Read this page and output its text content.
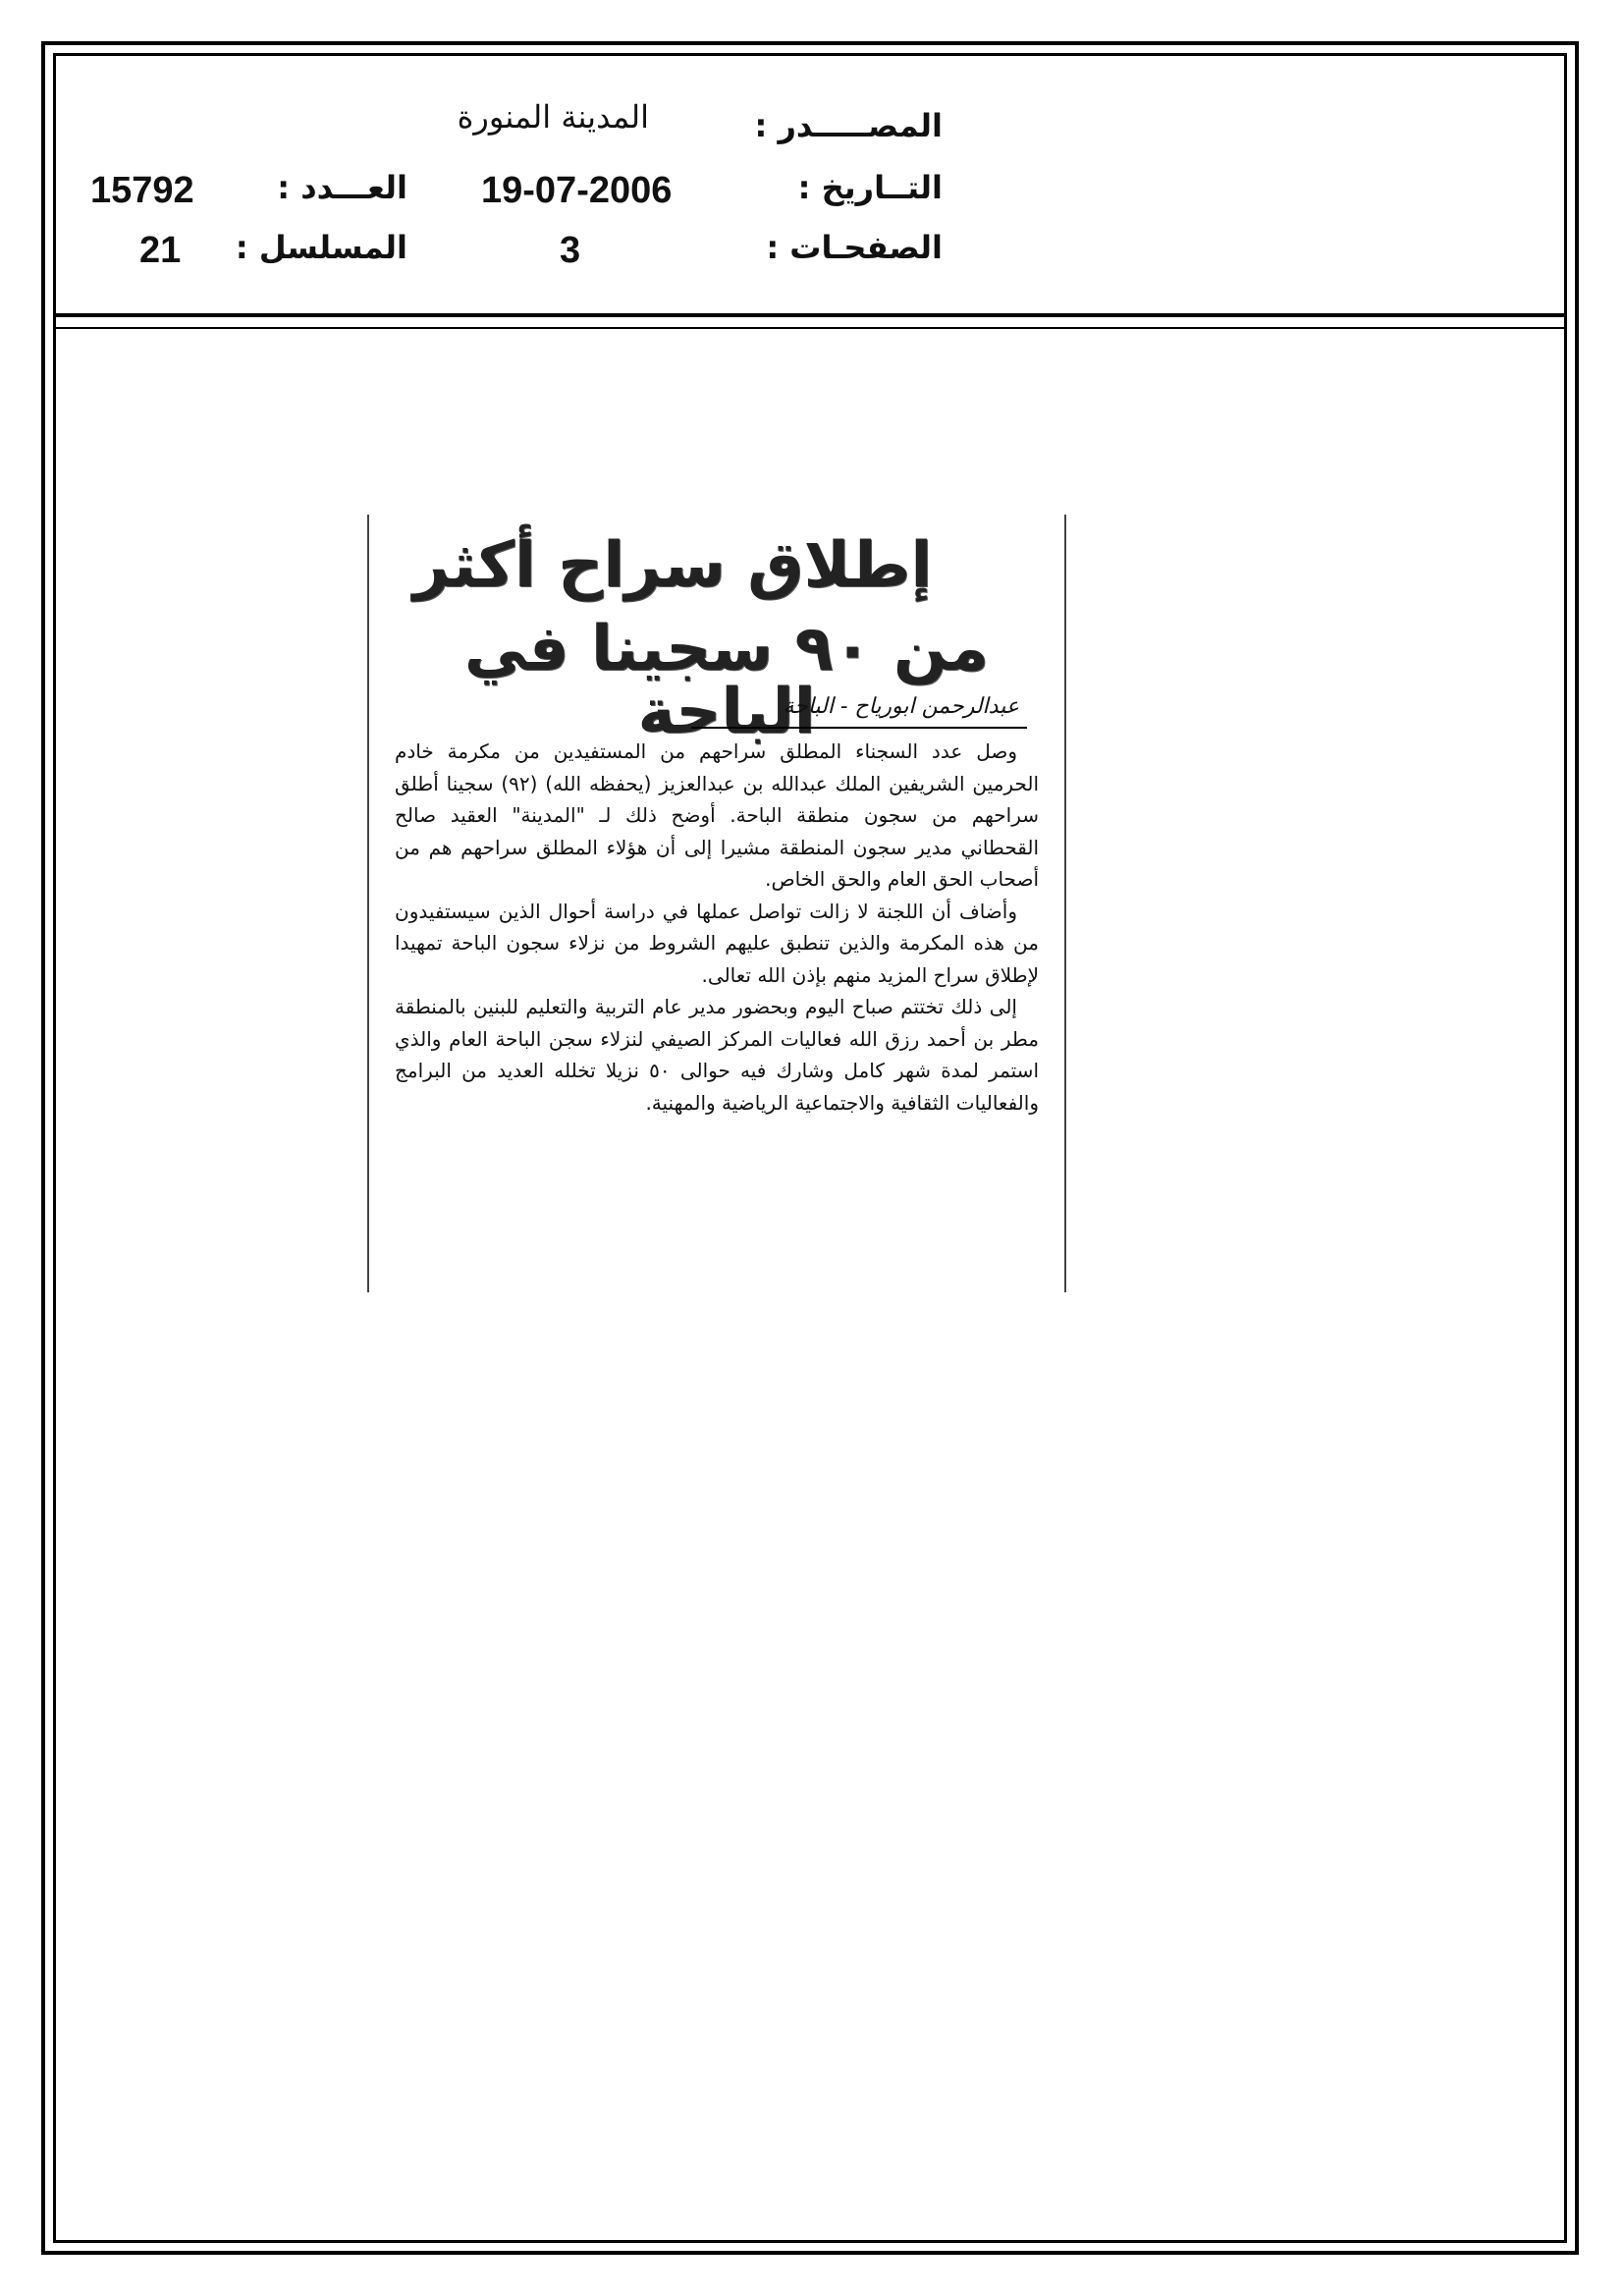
المصـــــدر :
المدينة المنورة
التــاريخ :
19-07-2006
العـــدد :
15792
الصفحـات :
3
المسلسل :
21
إطلاق سراح أكثر
من ٩٠ سجينا في الباحة
عبدالرحمن ابورياح - الباحة

وصل عدد السجناء المطلق سراحهم من المستفيدين من مكرمة خادم الحرمين الشريفين الملك عبدالله بن عبدالعزيز (يحفظه الله) (٩٢) سجينا أطلق سراحهم من سجون منطقة الباحة. أوضح ذلك لـ "المدينة" العقيد صالح القحطاني مدير سجون المنطقة مشيرا إلى أن هؤلاء المطلق سراحهم هم من أصحاب الحق العام والحق الخاص.

وأضاف أن اللجنة لا زالت تواصل عملها في دراسة أحوال الذين سيستفيدون من هذه المكرمة والذين تنطبق عليهم الشروط من نزلاء سجون الباحة تمهيدا لإطلاق سراح المزيد منهم بإذن الله تعالى.

إلى ذلك تختتم صباح اليوم وبحضور مدير عام التربية والتعليم للبنين بالمنطقة مطر بن أحمد رزق الله فعاليات المركز الصيفي لنزلاء سجن الباحة العام والذي استمر لمدة شهر كامل وشارك فيه حوالى ٥٠ نزيلا تخلله العديد من البرامج والفعاليات الثقافية والاجتماعية الرياضية والمهنية.
